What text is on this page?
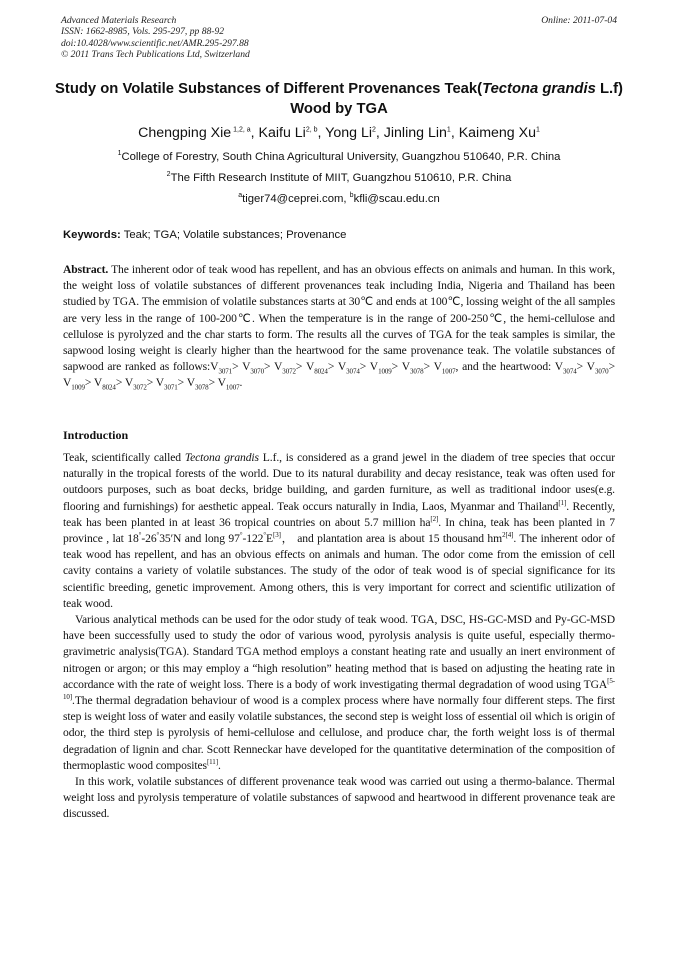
Advanced Materials Research
ISSN: 1662-8985, Vols. 295-297, pp 88-92
doi:10.4028/www.scientific.net/AMR.295-297.88
© 2011 Trans Tech Publications Ltd, Switzerland
Online: 2011-07-04
Study on Volatile Substances of Different Provenances Teak(Tectona grandis L.f) Wood by TGA
Chengping Xie $^{1,2, a}$, Kaifu Li$^{2, b}$, Yong Li$^2$, Jinling Lin$^1$, Kaimeng Xu$^1$
$^1$College of Forestry, South China Agricultural University, Guangzhou 510640, P.R. China
$^2$The Fifth Research Institute of MIIT, Guangzhou 510610, P.R. China
$^a$tiger74@ceprei.com, $^b$kfli@scau.edu.cn
Keywords: Teak; TGA; Volatile substances; Provenance
Abstract. The inherent odor of teak wood has repellent, and has an obvious effects on animals and human. In this work, the weight loss of volatile substances of different provenances teak including India, Nigeria and Thailand has been studied by TGA. The emmision of volatile substances starts at 30℃ and ends at 100℃, lossing weight of the all samples are very less in the range of 100-200℃. When the temperature is in the range of 200-250℃, the hemi-cellulose and cellulose is pyrolyzed and the char starts to form. The results all the curves of TGA for the teak samples is similar, the sapwood losing weight is clearly higher than the heartwood for the same provenance teak. The volatile substances of sapwood are ranked as $follows:V_{3071}> V_{3070}> V_{3072}> V_{8024}> V_{3074}> V_{1009}> V_{3078}> V_{1007}$, and the heartwood: $V_{3074}> V_{3070}> V_{1009}> V_{8024}> V_{3072}> V_{3071}> V_{3078}> V_{1007}$.
Introduction

Teak, scientifically called Tectona grandis L.f., is considered as a grand jewel in the diadem of tree species that occur naturally in the tropical forests of the world. Due to its natural durability and decay resistance, teak was often used for outdoors purposes, such as boat decks, bridge building, and garden furniture, as well as traditional indoor uses(e.g. flooring and furnishings) for aesthetic appeal. Teak occurs naturally in India, Laos, Myanmar and Thailand[1]. Recently, teak has been planted in at least 36 tropical countries on about 5.7 million ha[2]. In china, teak has been planted in 7 province , lat 18°-26°35′N and long 97°-122°E[3]， and plantation area is about 15 thousand hm$^{2[4]}$. The inherent odor of teak wood has repellent, and has an obvious effects on animals and human. The odor come from the emission of cell cavity contains a variety of volatile substances. The study of the odor of teak wood is of special significance for its scientific breeding, genetic improvement. Among others, this is very important for correct and scientific utilization of teak wood.

Various analytical methods can be used for the odor study of teak wood. TGA, DSC, HS-GC-MSD and Py-GC-MSD have been successfully used to study the odor of various wood, pyrolysis analysis is quite useful, especially thermo-gravimetric analysis(TGA). Standard TGA method employs a constant heating rate and usually an inert environment of nitrogen or argon; or this may employ a “high resolution” heating method that is based on adjusting the heating rate in accordance with the rate of weight loss. There is a body of work investigating thermal degradation of wood using TGA[5-10].The thermal degradation behaviour of wood is a complex process where have normally four different steps. The first step is weight loss of water and easily volatile substances, the second step is weight loss of essential oil which is origin of odor, the third step is pyrolysis of hemi-cellulose and cellulose, and produce char, the forth weight loss is of thermal degradation of lignin and char. Scott Renneckar have developed for the quantitative determination of the composition of thermoplastic wood composites[11].

In this work, volatile substances of different provenance teak wood was carried out using a thermo-balance. Thermal weight loss and pyrolysis temperature of volatile substances of sapwood and heartwood in different provenance teak are discussed.
